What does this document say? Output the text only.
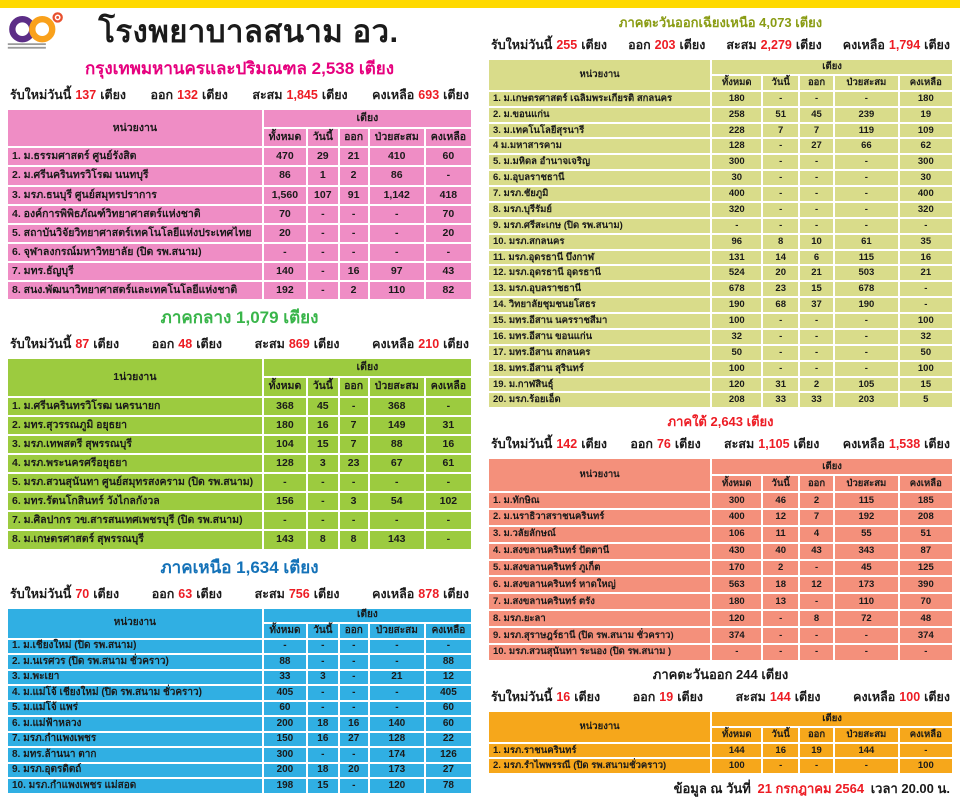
โรงพยาบาลสนาม อว.
กรุงเทพมหานครและปริมณฑล 2,538 เตียง
รับใหม่วันนี้ 137 เตียง ออก 132 เตียง สะสม 1,845 เตียง คงเหลือ 693 เตียง
หน่วยงาน	เตียง				
	ทั้งหมด	วันนี้	ออก	ป่วยสะสม	คงเหลือ
1. ม.ธรรมศาสตร์ ศูนย์รังสิต	470	29	21	410	60
2. ม.ศรีนครินทรวิโรฒ นนทบุรี	86	1	2	86	-
3. มรภ.ธนบุรี ศูนย์สมุทรปราการ	1,560	107	91	1,142	418
4. องค์การพิพิธภัณฑ์วิทยาศาสตร์แห่งชาติ	70	-	-	-	70
5. สถาบันวิจัยวิทยาศาสตร์เทคโนโลยีแห่งประเทศไทย	20	-	-	-	20
6. จุฬาลงกรณ์มหาวิทยาลัย (ปิด รพ.สนาม)	-	-	-	-	-
7. มทร.ธัญบุรี	140	-	16	97	43
8. สนง.พัฒนาวิทยาศาสตร์และเทคโนโลยีแห่งชาติ	192	-	2	110	82
ภาคกลาง 1,079 เตียง
รับใหม่วันนี้ 87 เตียง	ออก 48 เตียง	สะสม 869 เตียง	คงเหลือ 210 เตียง
1น่วยงาน	เตียง				
	ทั้งหมด	วันนี้	ออก	ป่วยสะสม	คงเหลือ
1. ม.ศรีนครินทรวิโรฒ นครนายก	368	45	-	368	-
2. มทร.สุวรรณภูมิ อยุธยา	180	16	7	149	31
3. มรภ.เทพสตรี สุพรรณบุรี	104	15	7	88	16
4. มรภ.พระนครศรีอยุธยา	128	3	23	67	61
5. มรภ.สวนสุนันทา ศูนย์สมุทรสงคราม (ปิด รพ.สนาม)	-	-	-	-	-
6. มทร.รัตนโกสินทร์ วังไกลกังวล	156	-	3	54	102
7. ม.ศิลปากร วข.สารสนเทศเพชรบุรี (ปิด รพ.สนาม)	-	-	-	-	-
8. ม.เกษตรศาสตร์ สุพรรณบุรี	143	8	8	143	-
ภาคเหนือ 1,634 เตียง
รับใหม่วันนี้ 70 เตียง	ออก 63 เตียง	สะสม 756 เตียง	คงเหลือ 878 เตียง
หน่วยงาน	เตียง				
	ทั้งหมด	วันนี้	ออก	ป่วยสะสม	คงเหลือ
1. ม.เชียงใหม่ (ปิด รพ.สนาม)	-	-	-	-	-
2. ม.นเรศวร (ปิด รพ.สนาม ชั่วคราว)	88	-	-	-	88
3. ม.พะเยา	33	3	-	21	12
4. ม.แม่โจ้ เชียงใหม่ (ปิด รพ.สนาม ชั่วคราว)	405	-	-	-	405
5. ม.แม่โจ้ แพร่	60	-	-	-	60
6. ม.แม่ฟ้าหลวง	200	18	16	140	60
7. มรภ.กำแพงเพชร	150	16	27	128	22
8. มทร.ล้านนา ตาก	300	-	-	174	126
9. มรภ.อุตรดิตถ์	200	18	20	173	27
10. มรภ.กำแพงเพชร แม่สอด	198	15	-	120	78
ภาคตะวันออกเฉียงเหนือ 4,073 เตียง
รับใหม่วันนี้ 255 เตียง ออก 203 เตียง สะสม 2,279 เตียง คงเหลือ 1,794 เตียง
หน่วยงาน	เตียง				
	ทั้งหมด	วันนี้	ออก	ป่วยสะสม	คงเหลือ
1. ม.เกษตรศาสตร์ เฉลิมพระเกียรติ สกลนคร	180	-	-	-	180
2. ม.ขอนแก่น	258	51	45	239	19
3. ม.เทคโนโลยีสุรนารี	228	7	7	119	109
4 ม.มหาสารคาม	128	-	27	66	62
5. ม.มหิดล อำนาจเจริญ	300	-	-	-	300
6. ม.อุบลราชธานี	30	-	-	-	30
7. มรภ.ชัยภูมิ	400	-	-	-	400
8. มรภ.บุรีรัมย์	320	-	-	-	320
9. มรภ.ศรีสะเกษ (ปิด รพ.สนาม)	-	-	-	-	-
10. มรภ.สกลนคร	96	8	10	61	35
11. มรภ.อุดรธานี บึงกาฬ	131	14	6	115	16
12. มรภ.อุดรธานี อุดรธานี	524	20	21	503	21
13. มรภ.อุบลราชธานี	678	23	15	678	-
14. วิทยาลัยชุมชนยโสธร	190	68	37	190	-
15. มทร.อีสาน นครราชสีมา	100	-	-	-	100
16. มทร.อีสาน ขอนแก่น	32	-	-	-	32
17. มทร.อีสาน สกลนคร	50	-	-	-	50
18. มทร.อีสาน สุรินทร์	100	-	-	-	100
19. ม.กาฬสินธุ์	120	31	2	105	15
20. มรภ.ร้อยเอ็ด	208	33	33	203	5
ภาคใต้ 2,643 เตียง
รับใหม่วันนี้ 142 เตียง ออก 76 เตียง สะสม 1,105 เตียง คงเหลือ 1,538 เตียง
หน่วยงาน	เตียง				
	ทั้งหมด	วันนี้	ออก	ป่วยสะสม	คงเหลือ
1. ม.ทักษิณ	300	46	2	115	185
2. ม.นราธิวาสราชนครินทร์	400	12	7	192	208
3. ม.วลัยลักษณ์	106	11	4	55	51
4. ม.สงขลานครินทร์ ปัตตานี	430	40	43	343	87
5. ม.สงขลานครินทร์ ภูเก็ต	170	2	-	45	125
6. ม.สงขลานครินทร์ หาดใหญ่	563	18	12	173	390
7. ม.สงขลานครินทร์ ตรัง	180	13	-	110	70
8. มรภ.ยะลา	120	-	8	72	48
9. มรภ.สุราษฎร์ธานี (ปิด รพ.สนาม ชั่วคราว)	374	-	-	-	374
10. มรภ.สวนสุนันทา ระนอง (ปิด รพ.สนาม )	-	-	-	-	-
ภาคตะวันออก 244 เตียง
รับใหม่วันนี้ 16 เตียง	ออก 19 เตียง	สะสม 144 เตียง	คงเหลือ 100 เตียง
หน่วยงาน	เตียง				
	ทั้งหมด	วันนี้	ออก	ป่วยสะสม	คงเหลือ
1. มรภ.ราชนครินทร์	144	16	19	144	-
2. มรภ.รำไพพรรณี (ปิด รพ.สนามชั่วคราว)	100	-	-	-	100
ข้อมูล ณ วันที่ 21 กรกฎาคม 2564 เวลา 20.00 น.
